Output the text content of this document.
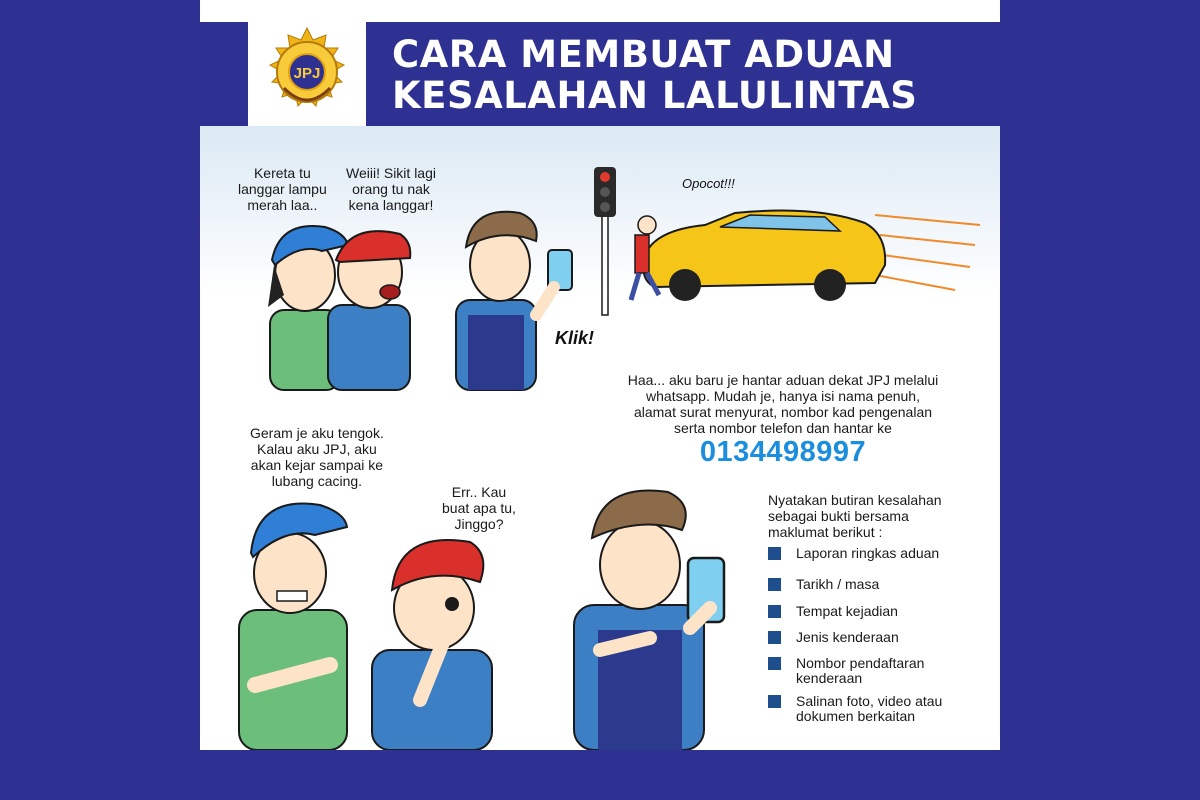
JPJ CARA MEMBUAT ADUAN
KESALAHAN LALULINTAS
Kereta tu
langgar lampu
merah laa..
Weiii! Sikit lagi
orang tu nak
kena langgar!
Klik!
Opocot!!!
Haa... aku baru je hantar aduan dekat JPJ melalui
whatsapp. Mudah je, hanya isi nama penuh,
alamat surat menyurat, nombor kad pengenalan
serta nombor telefon dan hantar ke
0134498997
Geram je aku tengok.
Kalau aku JPJ, aku
akan kejar sampai ke
lubang cacing.
Err.. Kau
buat apa tu,
Jinggo?
Nyatakan butiran kesalahan
sebagai bukti bersama
maklumat berikut :
Laporan ringkas aduan
Tarikh / masa
Tempat kejadian
Jenis kenderaan
Nombor pendaftaran
kenderaan
Salinan foto, video atau
dokumen berkaitan
